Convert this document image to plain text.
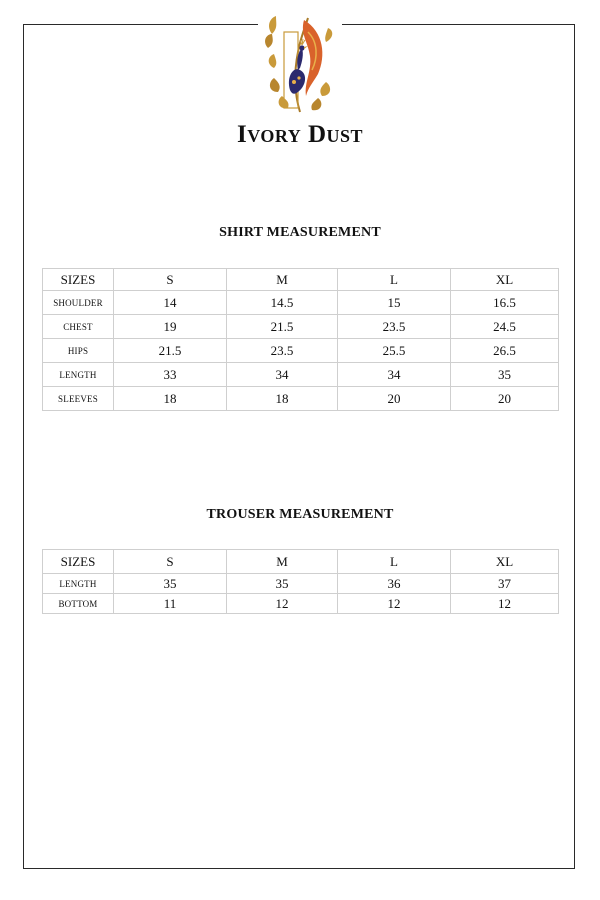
Ivory Dust
SHIRT MEASUREMENT
SIZES	S	M	L	XL
SHOULDER	14	14.5	15	16.5
CHEST	19	21.5	23.5	24.5
HIPS	21.5	23.5	25.5	26.5
LENGTH	33	34	34	35
SLEEVES	18	18	20	20
TROUSER MEASUREMENT
SIZES	S	M	L	XL
LENGTH	35	35	36	37
BOTTOM	11	12	12	12
